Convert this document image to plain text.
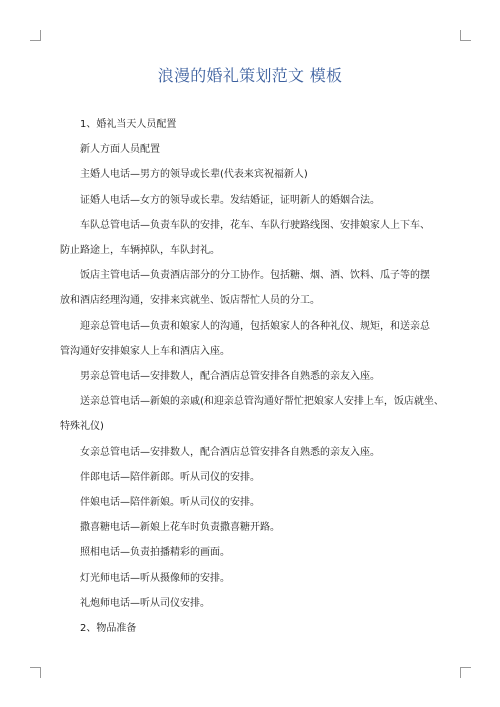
浪漫的婚礼策划范文 模板

1、婚礼当天人员配置

新人方面人员配置

主婚人电话—男方的领导或长辈(代表来宾祝福新人)

证婚人电话—女方的领导或长辈。发结婚证，证明新人的婚姻合法。

车队总管电话—负责车队的安排，花车、车队行驶路线图、安排娘家人上下车、
防止路途上，车辆掉队，车队封礼。

饭店主管电话—负责酒店部分的分工协作。包括糖、烟、酒、饮料、瓜子等的摆
放和酒店经理沟通，安排来宾就坐、饭店帮忙人员的分工。

迎亲总管电话—负责和娘家人的沟通，包括娘家人的各种礼仪、规矩，和送亲总
管沟通好安排娘家人上车和酒店入座。

男亲总管电话—安排数人，配合酒店总管安排各自熟悉的亲友入座。

送亲总管电话—新娘的亲戚(和迎亲总管沟通好帮忙把娘家人安排上车，饭店就坐、
特殊礼仪)

女亲总管电话—安排数人，配合酒店总管安排各自熟悉的亲友入座。

伴郎电话—陪伴新郎。听从司仪的安排。

伴娘电话—陪伴新娘。听从司仪的安排。

撒喜糖电话—新娘上花车时负责撒喜糖开路。

照相电话—负责拍播精彩的画面。

灯光师电话—听从摄像师的安排。

礼炮师电话—听从司仪安排。

2、物品准备
